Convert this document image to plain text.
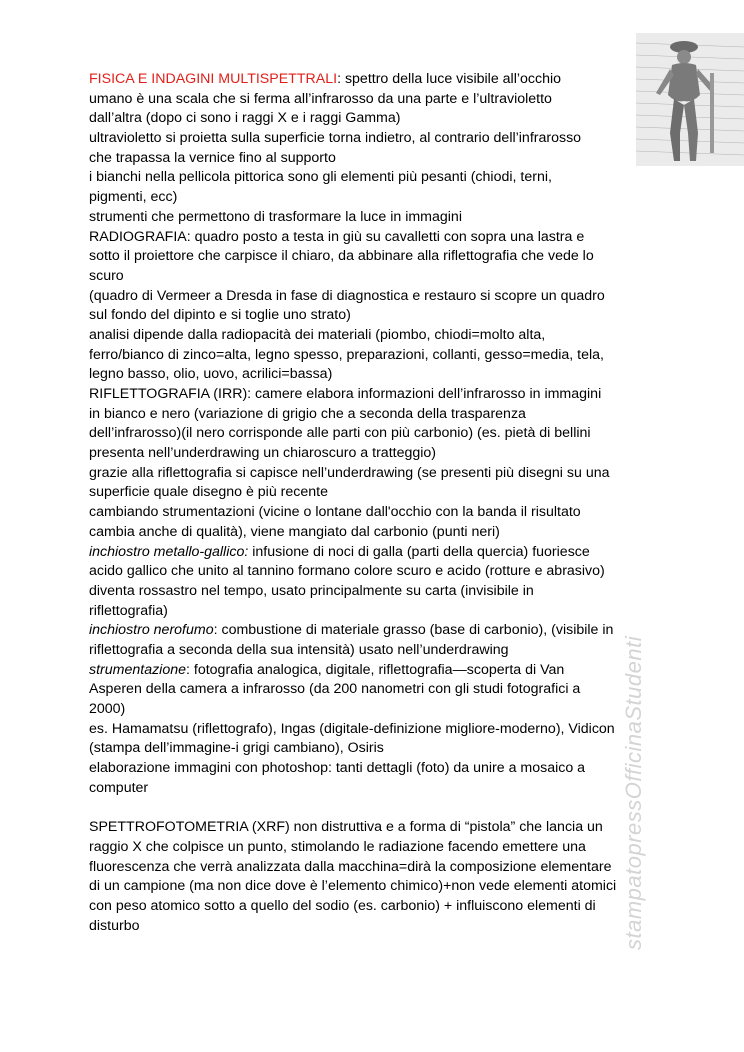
stampatopressOfficinaStudenti
FISICA E INDAGINI MULTISPETTRALI: spettro della luce visibile all’occhio
umano è una scala che si ferma all’infrarosso da una parte e l’ultravioletto
dall’altra (dopo ci sono i raggi X e i raggi Gamma)
ultravioletto si proietta sulla superficie torna indietro, al contrario dell’infrarosso
che trapassa la vernice fino al supporto
i bianchi nella pellicola pittorica sono gli elementi più pesanti (chiodi, terni,
pigmenti, ecc)
strumenti che permettono di trasformare la luce in immagini
RADIOGRAFIA: quadro posto a testa in giù su cavalletti con sopra una lastra e
sotto il proiettore che carpisce il chiaro, da abbinare alla riflettografia che vede lo
scuro
(quadro di Vermeer a Dresda in fase di diagnostica e restauro si scopre un quadro
sul fondo del dipinto e si toglie uno strato)
analisi dipende dalla radiopacità dei materiali (piombo, chiodi=molto alta,
ferro/bianco di zinco=alta, legno spesso, preparazioni, collanti, gesso=media, tela,
legno basso, olio, uovo, acrilici=bassa)
RIFLETTOGRAFIA (IRR): camere elabora informazioni dell’infrarosso in immagini
in bianco e nero (variazione di grigio che a seconda della trasparenza
dell’infrarosso)(il nero corrisponde alle parti con più carbonio) (es. pietà di bellini
presenta nell’underdrawing un chiaroscuro a tratteggio)
grazie alla riflettografia si capisce nell’underdrawing (se presenti più disegni su una
superficie quale disegno è più recente
cambiando strumentazioni (vicine o lontane dall'occhio con la banda il risultato
cambia anche di qualità), viene mangiato dal carbonio (punti neri)
inchiostro metallo-gallico: infusione di noci di galla (parti della quercia) fuoriesce
acido gallico che unito al tannino formano colore scuro e acido (rotture e abrasivo)
diventa rossastro nel tempo, usato principalmente su carta (invisibile in
riflettografia)
inchiostro nerofumo: combustione di materiale grasso (base di carbonio), (visibile in
riflettografia a seconda della sua intensità) usato nell’underdrawing
strumentazione: fotografia analogica, digitale, riflettografia—scoperta di Van
Asperen della camera a infrarosso (da 200 nanometri con gli studi fotografici a
2000)
es. Hamamatsu (riflettografo), Ingas (digitale-definizione migliore-moderno), Vidicon
(stampa dell’immagine-i grigi cambiano), Osiris
elaborazione immagini con photoshop: tanti dettagli (foto) da unire a mosaico a
computer
SPETTROFOTOMETRIA (XRF) non distruttiva e a forma di “pistola” che lancia un
raggio X che colpisce un punto, stimolando le radiazione facendo emettere una
fluorescenza che verrà analizzata dalla macchina=dirà la composizione elementare
di un campione (ma non dice dove è l’elemento chimico)+non vede elementi atomici
con peso atomico sotto a quello del sodio (es. carbonio) + influiscono elementi di
disturbo
